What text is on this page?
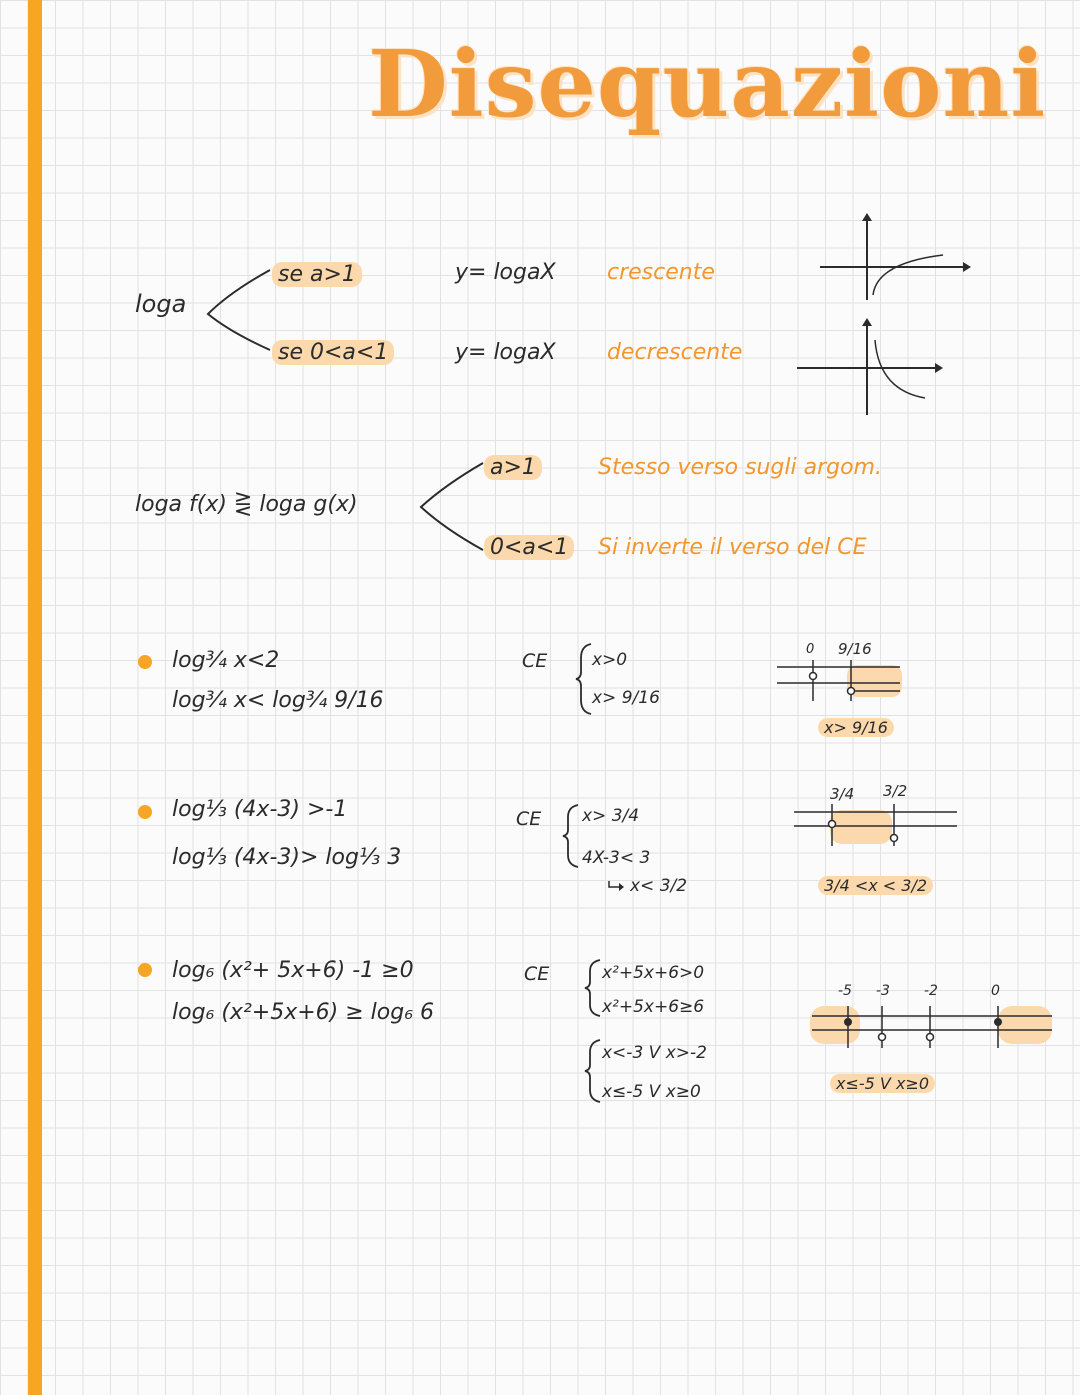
Disequazioni
loga
se a>1	y= logaX crescente
se 0<a<1	y= logaX decrescente
loga f(x) ⋛ loga g(x)
a>1	Stesso verso sugli argom.
0<a<1 Si inverte il verso del CE
log¾ x<2
log¾ x< log¾ 9/16
CE	x>0
x> 9/16
0 9/16
x> 9/16
log⅓ (4x-3) >-1
log⅓ (4x-3)> log⅓ 3
CE x> 3/4
4X-3< 3
x< 3/2
3/4 3/2
3/4 <x < 3/2
log₆ (x²+ 5x+6) -1 ≥0
log₆ (x²+5x+6) ≥ log₆ 6
CE	x²+5x+6>0
x²+5x+6≥6
x<-3 V x>-2
x≤-5 V x≥0
-5 -3 -2	0
x≤-5 V x≥0
